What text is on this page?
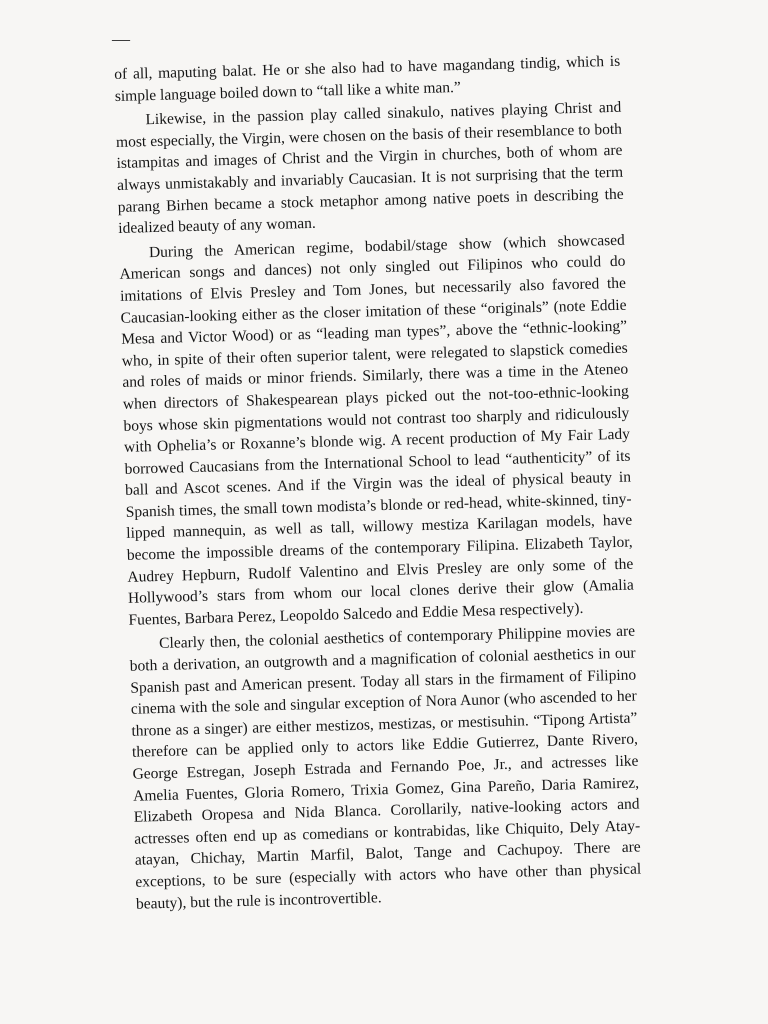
—

of all, maputing balat. He or she also had to have magandang tindig, which is simple language boiled down to “tall like a white man.”

Likewise, in the passion play called sinakulo, natives playing Christ and most especially, the Virgin, were chosen on the basis of their resemblance to both istampitas and images of Christ and the Virgin in churches, both of whom are always unmistakably and invariably Caucasian. It is not surprising that the term parang Birhen became a stock metaphor among native poets in describing the idealized beauty of any woman.

During the American regime, bodabil/stage show (which showcased American songs and dances) not only singled out Filipinos who could do imitations of Elvis Presley and Tom Jones, but necessarily also favored the Caucasian-looking either as the closer imitation of these “originals” (note Eddie Mesa and Victor Wood) or as “leading man types”, above the “ethnic-looking” who, in spite of their often superior talent, were relegated to slapstick comedies and roles of maids or minor friends. Similarly, there was a time in the Ateneo when directors of Shakespearean plays picked out the not-too-ethnic-looking boys whose skin pigmentations would not contrast too sharply and ridiculously with Ophelia’s or Roxanne’s blonde wig. A recent production of My Fair Lady borrowed Caucasians from the International School to lead “authenticity” of its ball and Ascot scenes. And if the Virgin was the ideal of physical beauty in Spanish times, the small town modista’s blonde or red-head, white-skinned, tiny-lipped mannequin, as well as tall, willowy mestiza Karilagan models, have become the impossible dreams of the contemporary Filipina. Elizabeth Taylor, Audrey Hepburn, Rudolf Valentino and Elvis Presley are only some of the Hollywood’s stars from whom our local clones derive their glow (Amalia Fuentes, Barbara Perez, Leopoldo Salcedo and Eddie Mesa respectively).

Clearly then, the colonial aesthetics of contemporary Philippine movies are both a derivation, an outgrowth and a magnification of colonial aesthetics in our Spanish past and American present. Today all stars in the firmament of Filipino cinema with the sole and singular exception of Nora Aunor (who ascended to her throne as a singer) are either mestizos, mestizas, or mestisuhin. “Tipong Artista” therefore can be applied only to actors like Eddie Gutierrez, Dante Rivero, George Estregan, Joseph Estrada and Fernando Poe, Jr., and actresses like Amelia Fuentes, Gloria Romero, Trixia Gomez, Gina Pareño, Daria Ramirez, Elizabeth Oropesa and Nida Blanca. Corollarily, native-looking actors and actresses often end up as comedians or kontrabidas, like Chiquito, Dely Atay-atayan, Chichay, Martin Marfil, Balot, Tange and Cachupoy. There are exceptions, to be sure (especially with actors who have other than physical beauty), but the rule is incontrovertible.
